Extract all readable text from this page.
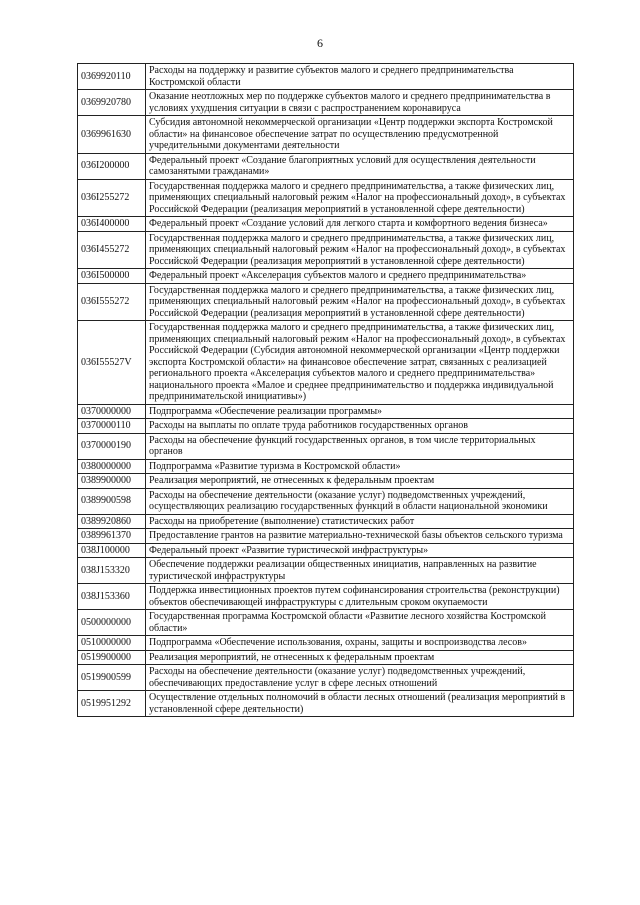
6
0369920110	Расходы на поддержку и развитие субъектов малого и среднего предпринимательства Костромской области
0369920780	Оказание неотложных мер по поддержке субъектов малого и среднего предпринимательства в условиях ухудшения ситуации в связи с распространением коронавируса
0369961630	Субсидия автономной некоммерческой организации «Центр поддержки экспорта Костромской области» на финансовое обеспечение затрат по осуществлению предусмотренной учредительными документами деятельности
036I200000	Федеральный проект «Создание благоприятных условий для осуществления деятельности самозанятыми гражданами»
036I255272	Государственная поддержка малого и среднего предпринимательства, а также физических лиц, применяющих специальный налоговый режим «Налог на профессиональный доход», в субъектах Российской Федерации (реализация мероприятий в установленной сфере деятельности)
036I400000	Федеральный проект «Создание условий для легкого старта и комфортного ведения бизнеса»
036I455272	Государственная поддержка малого и среднего предпринимательства, а также физических лиц, применяющих специальный налоговый режим «Налог на профессиональный доход», в субъектах Российской Федерации (реализация мероприятий в установленной сфере деятельности)
036I500000	Федеральный проект «Акселерация субъектов малого и среднего предпринимательства»
036I555272	Государственная поддержка малого и среднего предпринимательства, а также физических лиц, применяющих специальный налоговый режим «Налог на профессиональный доход», в субъектах Российской Федерации (реализация мероприятий в установленной сфере деятельности)
036I55527V	Государственная поддержка малого и среднего предпринимательства, а также физических лиц, применяющих специальный налоговый режим «Налог на профессиональный доход», в субъектах Российской Федерации (Субсидия автономной некоммерческой организации «Центр поддержки экспорта Костромской области» на финансовое обеспечение затрат, связанных с реализацией регионального проекта «Акселерация субъектов малого и среднего предпринимательства» национального проекта «Малое и среднее предпринимательство и поддержка индивидуальной предпринимательской инициативы»)
0370000000	Подпрограмма «Обеспечение реализации программы»
0370000110	Расходы на выплаты по оплате труда работников государственных органов
0370000190	Расходы на обеспечение функций государственных органов, в том числе территориальных органов
0380000000	Подпрограмма «Развитие туризма в Костромской области»
0389900000	Реализация мероприятий, не отнесенных к федеральным проектам
0389900598	Расходы на обеспечение деятельности (оказание услуг) подведомственных учреждений, осуществляющих реализацию государственных функций в области национальной экономики
0389920860	Расходы на приобретение (выполнение) статистических работ
0389961370	Предоставление грантов на развитие материально-технической базы объектов сельского туризма
038J100000	Федеральный проект «Развитие туристической инфраструктуры»
038J153320	Обеспечение поддержки реализации общественных инициатив, направленных на развитие туристической инфраструктуры
038J153360	Поддержка инвестиционных проектов путем софинансирования строительства (реконструкции) объектов обеспечивающей инфраструктуры с длительным сроком окупаемости
0500000000	Государственная программа Костромской области «Развитие лесного хозяйства Костромской области»
0510000000	Подпрограмма «Обеспечение использования, охраны, защиты и воспроизводства лесов»
0519900000	Реализация мероприятий, не отнесенных к федеральным проектам
0519900599	Расходы на обеспечение деятельности (оказание услуг) подведомственных учреждений, обеспечивающих предоставление услуг в сфере лесных отношений
0519951292	Осуществление отдельных полномочий в области лесных отношений (реализация мероприятий в установленной сфере деятельности)
